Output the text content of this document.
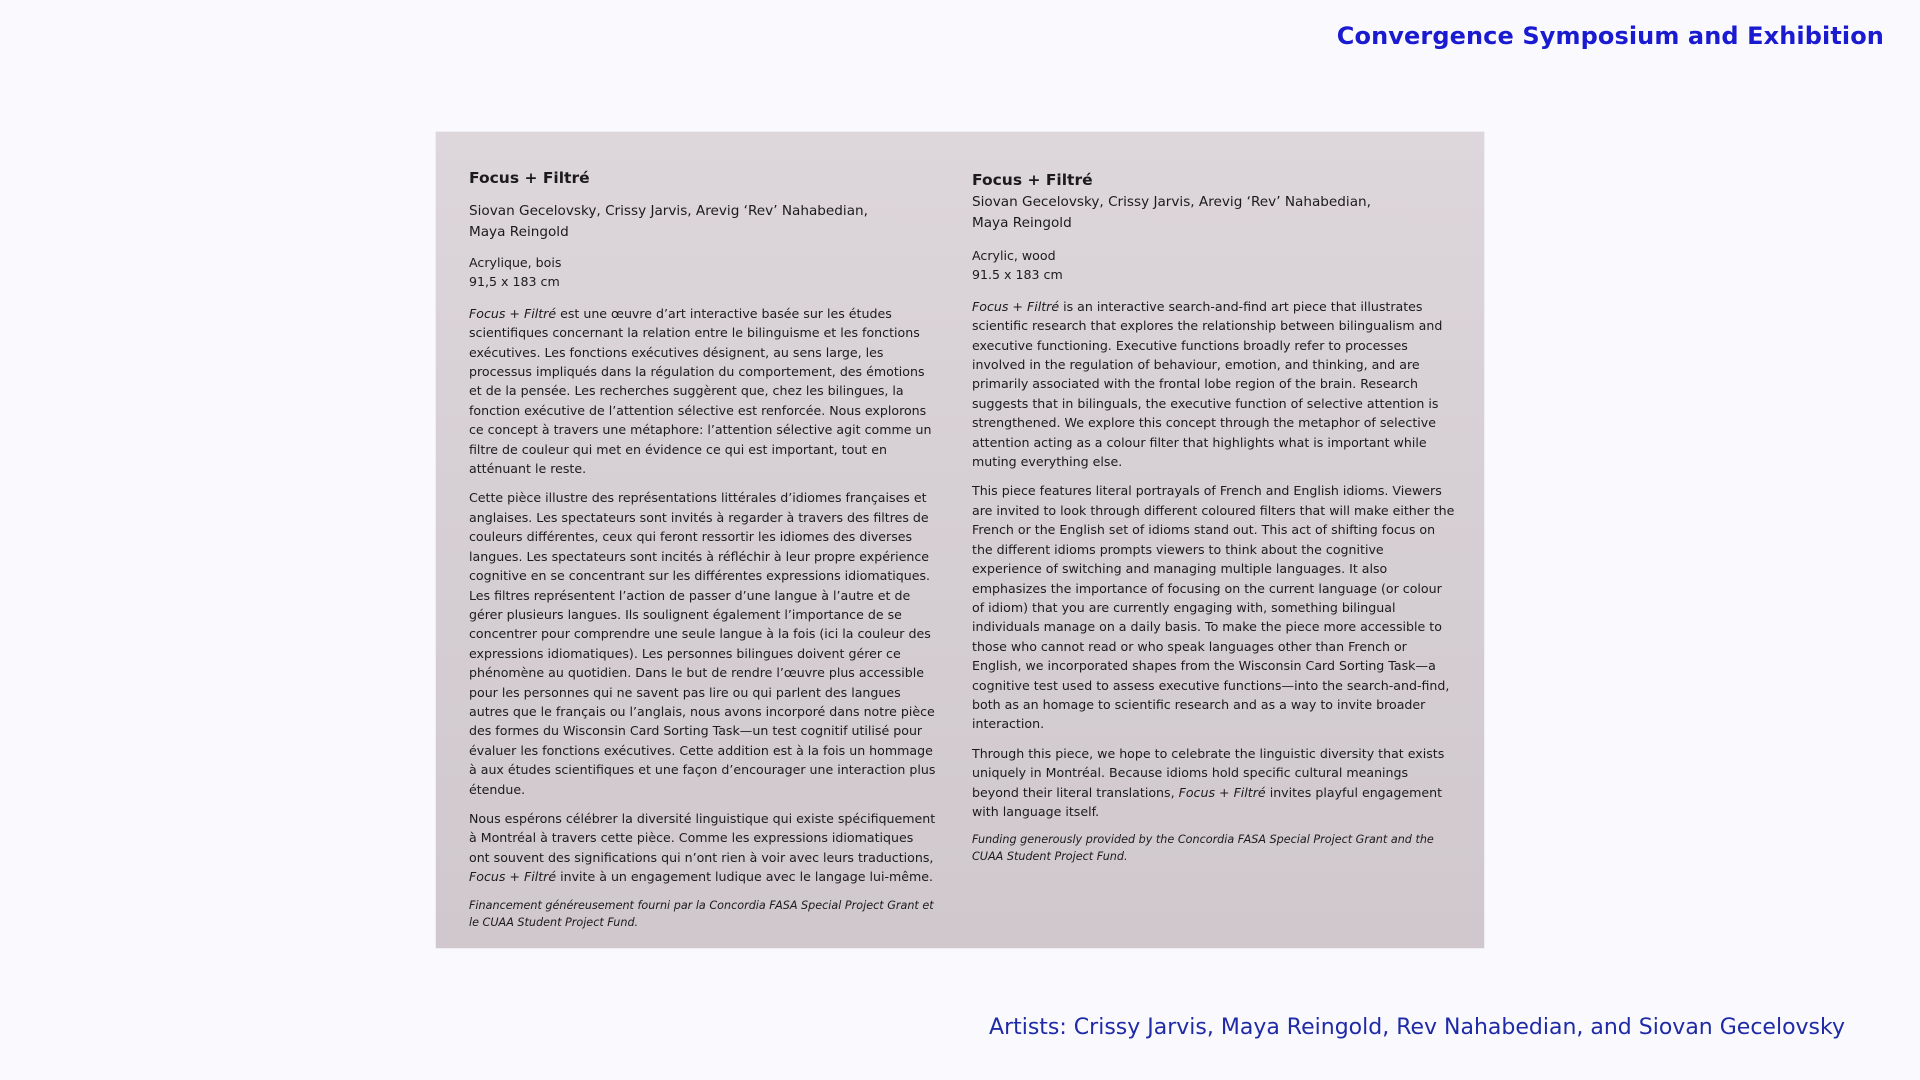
Convergence Symposium and Exhibition
Focus + Filtré
Siovan Gecelovsky, Crissy Jarvis, Arevig ‘Rev’ Nahabedian,
Maya Reingold
Acrylique, bois
91,5 x 183 cm

Focus + Filtré est une œuvre d’art interactive basée sur les études scientifiques concernant la relation entre le bilinguisme et les fonctions exécutives. Les fonctions exécutives désignent, au sens large, les processus impliqués dans la régulation du comportement, des émotions et de la pensée. Les recherches suggèrent que, chez les bilingues, la fonction exécutive de l’attention sélective est renforcée. Nous explorons ce concept à travers une métaphore: l’attention sélective agit comme un filtre de couleur qui met en évidence ce qui est important, tout en atténuant le reste.

Cette pièce illustre des représentations littérales d’idiomes françaises et anglaises. Les spectateurs sont invités à regarder à travers des filtres de couleurs différentes, ceux qui feront ressortir les idiomes des diverses langues. Les spectateurs sont incités à réfléchir à leur propre expérience cognitive en se concentrant sur les différentes expressions idiomatiques. Les filtres représentent l’action de passer d’une langue à l’autre et de gérer plusieurs langues. Ils soulignent également l’importance de se concentrer pour comprendre une seule langue à la fois (ici la couleur des expressions idiomatiques). Les personnes bilingues doivent gérer ce phénomène au quotidien. Dans le but de rendre l’œuvre plus accessible pour les personnes qui ne savent pas lire ou qui parlent des langues autres que le français ou l’anglais, nous avons incorporé dans notre pièce des formes du Wisconsin Card Sorting Task—un test cognitif utilisé pour évaluer les fonctions exécutives. Cette addition est à la fois un hommage à aux études scientifiques et une façon d’encourager une interaction plus étendue.

Nous espérons célébrer la diversité linguistique qui existe spécifiquement à Montréal à travers cette pièce. Comme les expressions idiomatiques ont souvent des significations qui n’ont rien à voir avec leurs traductions, Focus + Filtré invite à un engagement ludique avec le langage lui-même.

Financement généreusement fourni par la Concordia FASA Special Project Grant et le CUAA Student Project Fund.
Focus + Filtré
Siovan Gecelovsky, Crissy Jarvis, Arevig ‘Rev’ Nahabedian,
Maya Reingold
Acrylic, wood
91.5 x 183 cm

Focus + Filtré is an interactive search-and-find art piece that illustrates scientific research that explores the relationship between bilingualism and executive functioning. Executive functions broadly refer to processes involved in the regulation of behaviour, emotion, and thinking, and are primarily associated with the frontal lobe region of the brain. Research suggests that in bilinguals, the executive function of selective attention is strengthened. We explore this concept through the metaphor of selective attention acting as a colour filter that highlights what is important while muting everything else.

This piece features literal portrayals of French and English idioms. Viewers are invited to look through different coloured filters that will make either the French or the English set of idioms stand out. This act of shifting focus on the different idioms prompts viewers to think about the cognitive experience of switching and managing multiple languages. It also emphasizes the importance of focusing on the current language (or colour of idiom) that you are currently engaging with, something bilingual individuals manage on a daily basis. To make the piece more accessible to those who cannot read or who speak languages other than French or English, we incorporated shapes from the Wisconsin Card Sorting Task—a cognitive test used to assess executive functions—into the search-and-find, both as an homage to scientific research and as a way to invite broader interaction.

Through this piece, we hope to celebrate the linguistic diversity that exists uniquely in Montréal. Because idioms hold specific cultural meanings beyond their literal translations, Focus + Filtré invites playful engagement with language itself.

Funding generously provided by the Concordia FASA Special Project Grant and the CUAA Student Project Fund.
Artists: Crissy Jarvis, Maya Reingold, Rev Nahabedian, and Siovan Gecelovsky
